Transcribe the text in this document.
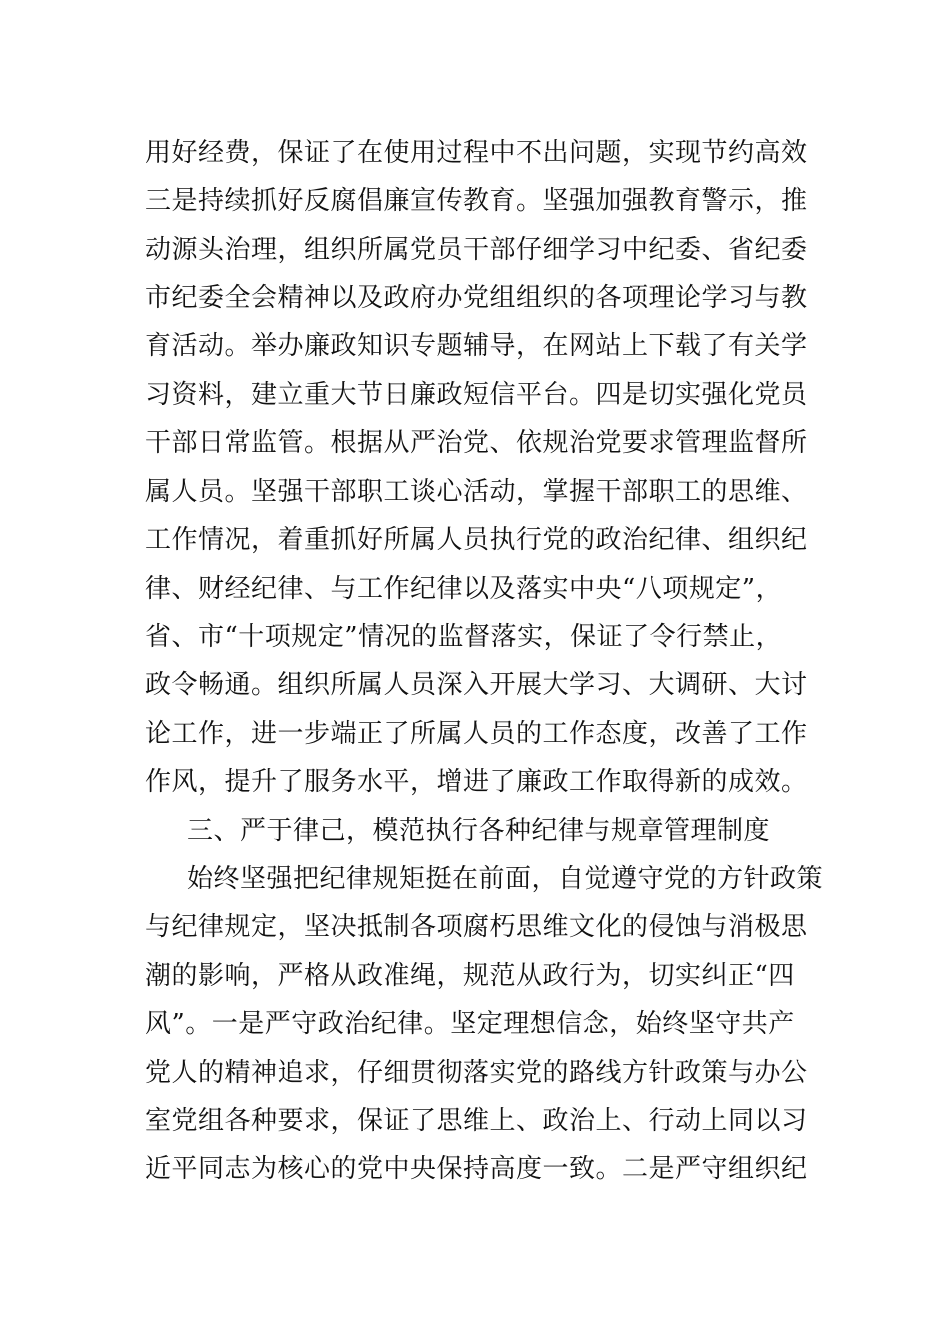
用好经费，保证了在使用过程中不出问题，实现节约高效
三是持续抓好反腐倡廉宣传教育。坚强加强教育警示，推
动源头治理，组织所属党员干部仔细学习中纪委、省纪委
市纪委全会精神以及政府办党组组织的各项理论学习与教
育活动。举办廉政知识专题辅导，在网站上下载了有关学
习资料，建立重大节日廉政短信平台。四是切实强化党员
干部日常监管。根据从严治党、依规治党要求管理监督所
属人员。坚强干部职工谈心活动，掌握干部职工的思维、
工作情况，着重抓好所属人员执行党的政治纪律、组织纪
律、财经纪律、与工作纪律以及落实中央“八项规定”，
省、市“十项规定”情况的监督落实，保证了令行禁止，
政令畅通。组织所属人员深入开展大学习、大调研、大讨
论工作，进一步端正了所属人员的工作态度，改善了工作
作风，提升了服务水平，增进了廉政工作取得新的成效。
三、严于律己，模范执行各种纪律与规章管理制度
始终坚强把纪律规矩挺在前面，自觉遵守党的方针政策
与纪律规定，坚决抵制各项腐朽思维文化的侵蚀与消极思
潮的影响，严格从政准绳，规范从政行为，切实纠正“四
风”。一是严守政治纪律。坚定理想信念，始终坚守共产
党人的精神追求，仔细贯彻落实党的路线方针政策与办公
室党组各种要求，保证了思维上、政治上、行动上同以习
近平同志为核心的党中央保持高度一致。二是严守组织纪
